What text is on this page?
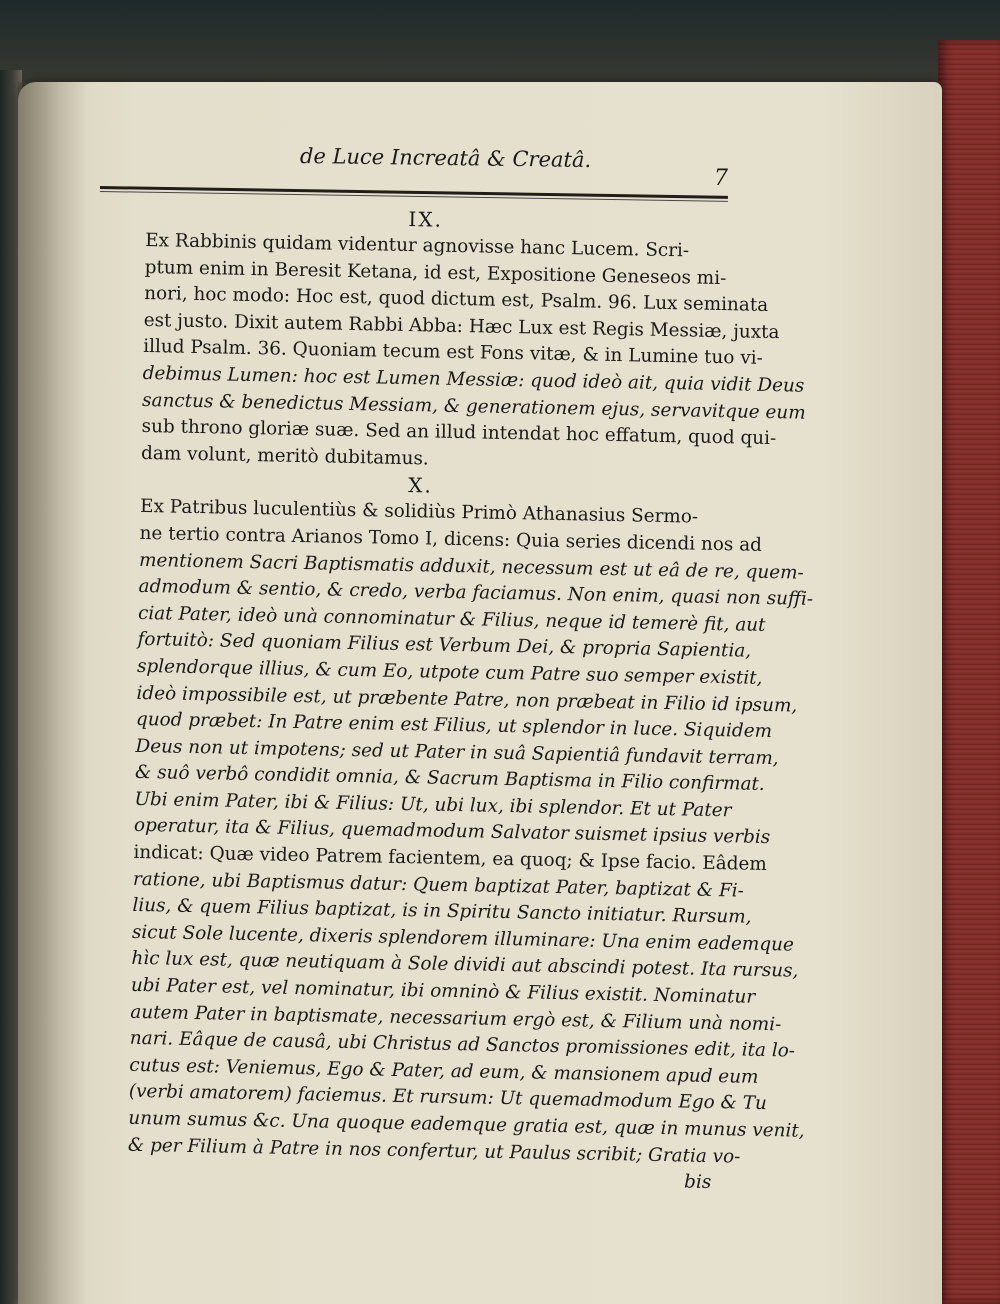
de Luce Increatâ & Creatâ.
7
IX.
Ex Rabbinis quidam videntur agnovisse hanc Lucem. Scri-
ptum enim in Beresit Ketana, id est, Expositione Geneseos mi-
nori, hoc modo: Hoc est, quod dictum est, Psalm. 96. Lux seminata
est justo. Dixit autem Rabbi Abba: Hæc Lux est Regis Messiæ, juxta
illud Psalm. 36. Quoniam tecum est Fons vitæ, & in Lumine tuo vi-
debimus Lumen: hoc est Lumen Messiæ: quod ideò ait, quia vidit Deus
sanctus & benedictus Messiam, & generationem ejus, servavitque eum
sub throno gloriæ suæ. Sed an illud intendat hoc effatum, quod qui-
dam volunt, meritò dubitamus.
X.
Ex Patribus luculentiùs & solidiùs Primò Athanasius Sermo-
ne tertio contra Arianos Tomo I, dicens: Quia series dicendi nos ad
mentionem Sacri Baptismatis adduxit, necessum est ut eâ de re, quem-
admodum & sentio, & credo, verba faciamus. Non enim, quasi non suffi-
ciat Pater, ideò unà connominatur & Filius, neque id temerè fit, aut
fortuitò: Sed quoniam Filius est Verbum Dei, & propria Sapientia,
splendorque illius, & cum Eo, utpote cum Patre suo semper existit,
ideò impossibile est, ut præbente Patre, non præbeat in Filio id ipsum,
quod præbet: In Patre enim est Filius, ut splendor in luce. Siquidem
Deus non ut impotens; sed ut Pater in suâ Sapientiâ fundavit terram,
& suô verbô condidit omnia, & Sacrum Baptisma in Filio confirmat.
Ubi enim Pater, ibi & Filius: Ut, ubi lux, ibi splendor. Et ut Pater
operatur, ita & Filius, quemadmodum Salvator suismet ipsius verbis
indicat: Quæ video Patrem facientem, ea quoq; & Ipse facio. Eâdem
ratione, ubi Baptismus datur: Quem baptizat Pater, baptizat & Fi-
lius, & quem Filius baptizat, is in Spiritu Sancto initiatur. Rursum,
sicut Sole lucente, dixeris splendorem illuminare: Una enim eademque
hìc lux est, quæ neutiquam à Sole dividi aut abscindi potest. Ita rursus,
ubi Pater est, vel nominatur, ibi omninò & Filius existit. Nominatur
autem Pater in baptismate, necessarium ergò est, & Filium unà nomi-
nari. Eâque de causâ, ubi Christus ad Sanctos promissiones edit, ita lo-
cutus est: Veniemus, Ego & Pater, ad eum, & mansionem apud eum
(verbi amatorem) faciemus. Et rursum: Ut quemadmodum Ego & Tu
unum sumus &c. Una quoque eademque gratia est, quæ in munus venit,
& per Filium à Patre in nos confertur, ut Paulus scribit; Gratia vo-
bis
